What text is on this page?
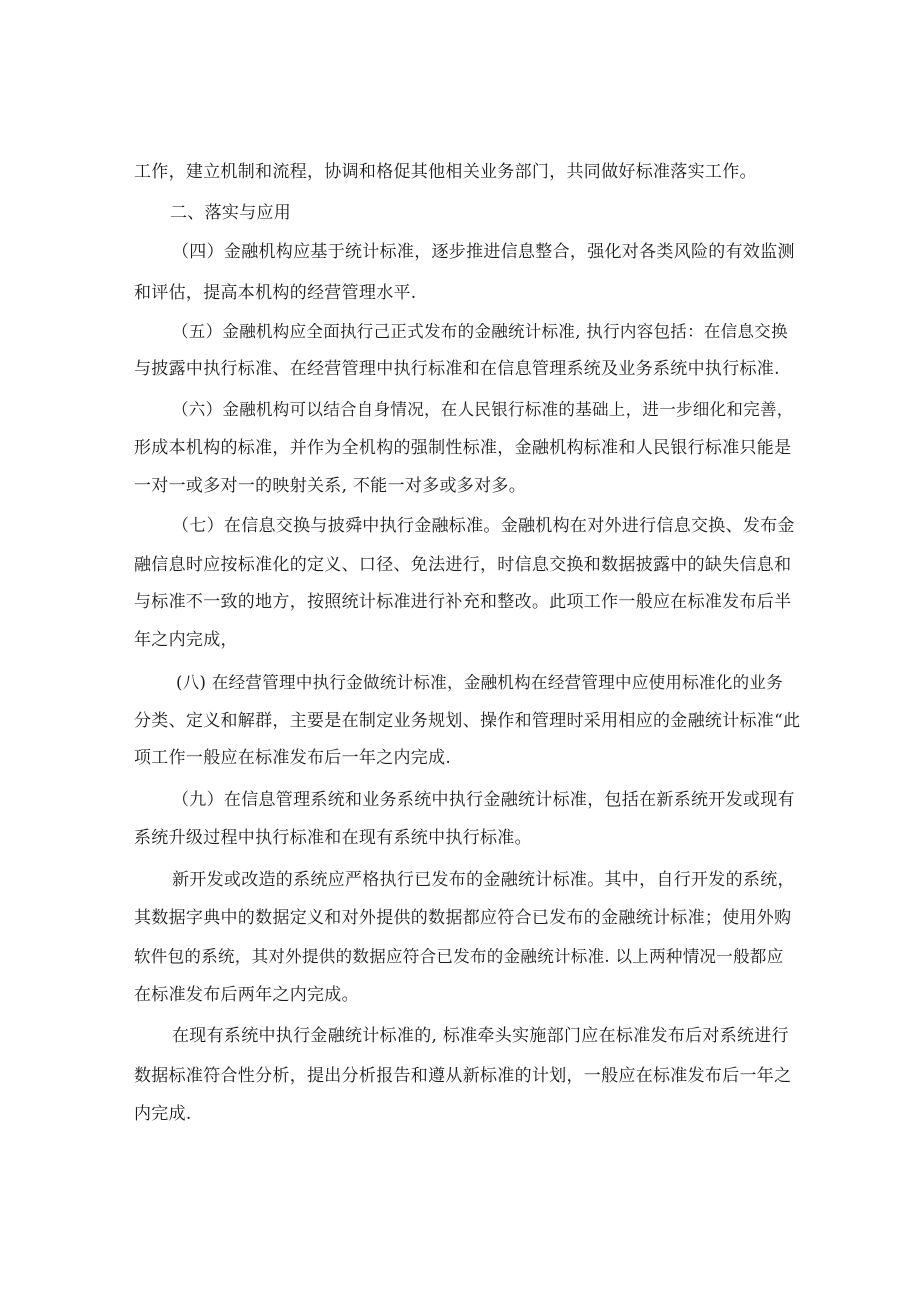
工作，建立机制和流程，协调和格促其他相关业务部门，共同做好标准落实工作。
二、落实与应用
（四）金融机构应基于统计标准，逐步推进信息整合，强化对各类风险的有效监测
和评估，提高本机构的经营管理水平.
（五）金融机构应全面执行己正式发布的金融统计标准, 执行内容包括：在信息交换
与披露中执行标准、在经营管理中执行标准和在信息管理系统及业务系统中执行标准.
（六）金融机构可以结合自身情况，在人民银行标准的基础上，进一步细化和完善，
形成本机构的标准，并作为全机构的强制性标准，金融机构标准和人民银行标准只能是
一对一或多对一的映射关系, 不能一对多或多对多。
（七）在信息交换与披舜中执行金融标准。金融机构在对外进行信息交换、发布金
融信息时应按标准化的定义、口径、免法进行，时信息交换和数据披露中的缺失信息和
与标准不一致的地方，按照统计标准进行补充和整改。此项工作一般应在标准发布后半
年之内完成，
(八) 在经营管理中执行金做统计标准，金融机构在经营管理中应使用标准化的业务
分类、定义和解群，主要是在制定业务规划、操作和管理时采用相应的金融统计标准“此
项工作一般应在标准发布后一年之内完成.
（九）在信息管理系统和业务系统中执行金融统计标准，包括在新系统开发或现有
系统升级过程中执行标准和在现有系统中执行标准。
新开发或改造的系统应严格执行已发布的金融统计标准。其中，自行开发的系统，
其数据字典中的数据定义和对外提供的数据都应符合已发布的金融统计标准；使用外购
软件包的系统，其对外提供的数据应符合已发布的金融统计标准. 以上两种情况一般都应
在标准发布后两年之内完成。
在现有系统中执行金融统计标准的, 标准牵头实施部门应在标准发布后对系统进行
数据标准符合性分析，提出分析报告和遵从新标准的计划，一般应在标准发布后一年之
内完成.
